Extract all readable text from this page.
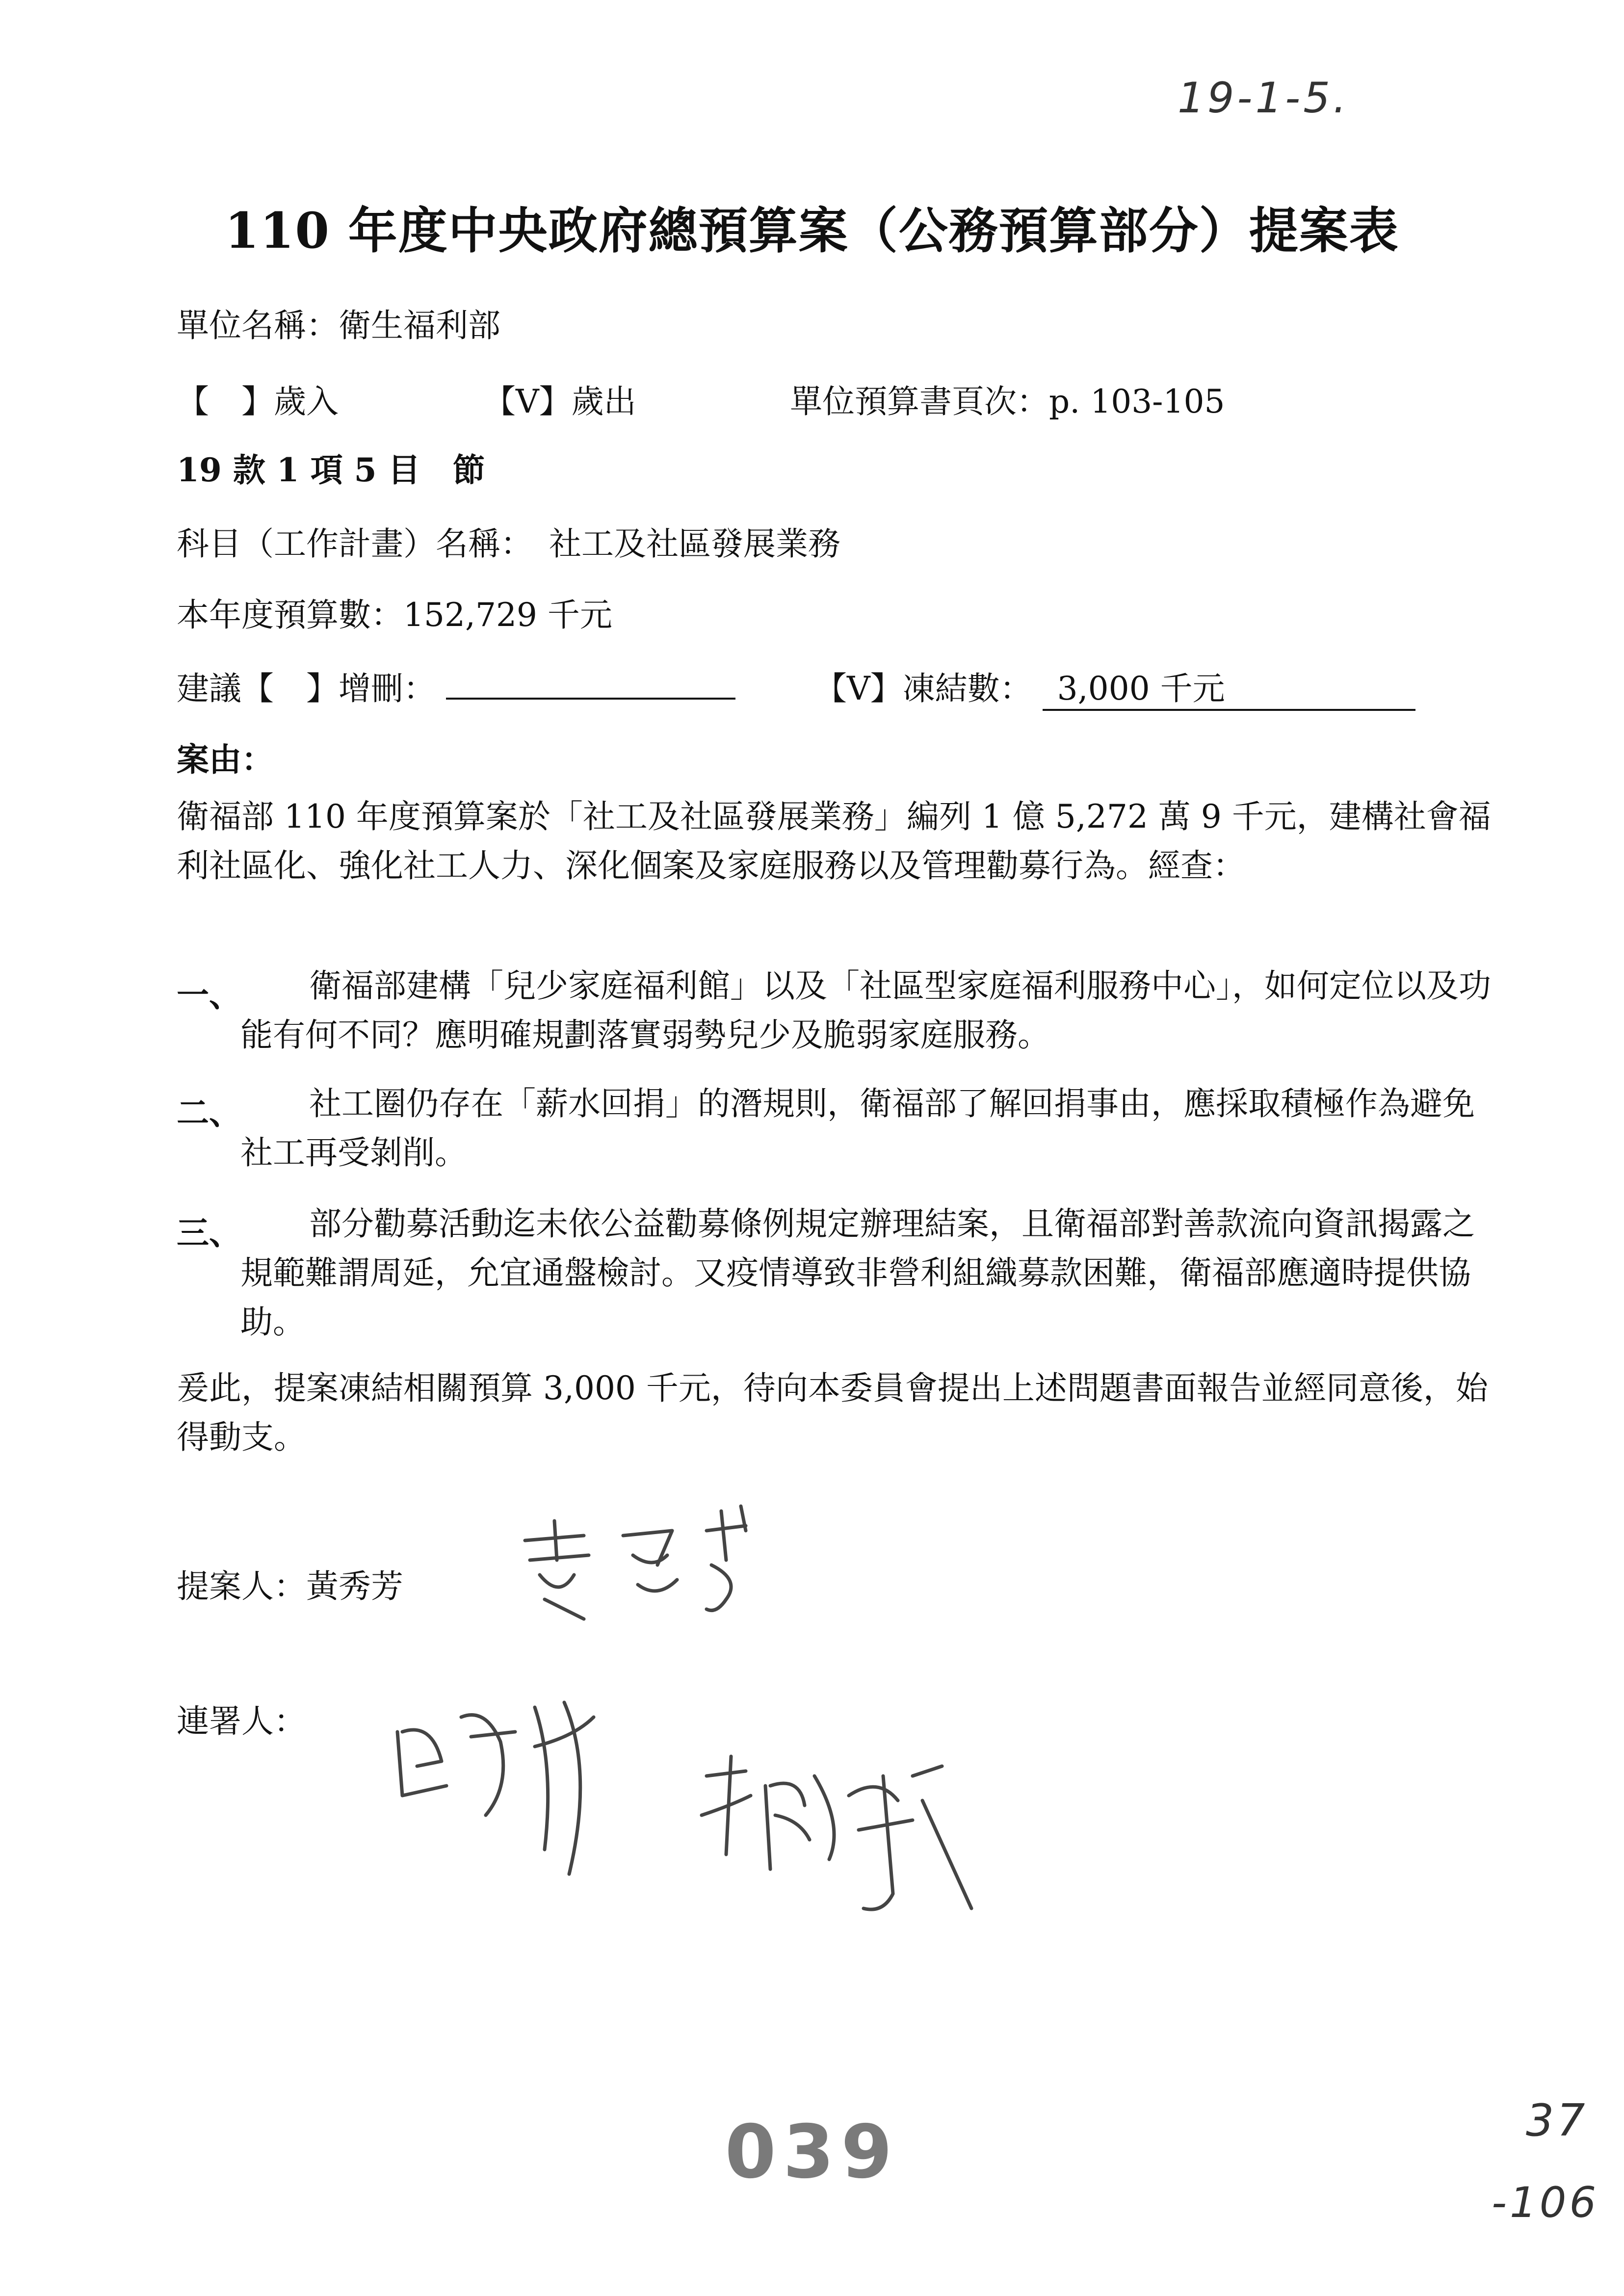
19-1-5.
110 年度中央政府總預算案（公務預算部分）提案表
單位名稱：衛生福利部
【　】歲入	【V】歲出	單位預算書頁次：p. 103-105
19 款 1 項 5 目　節
科目（工作計畫）名稱：　社工及社區發展業務
本年度預算數：152,729 千元
建議【　】增刪：	【V】凍結數： 3,000 千元
案由：
衛福部 110 年度預算案於「社工及社區發展業務」編列 1 億 5,272 萬 9 千元，建構社會福利社區化、強化社工人力、深化個案及家庭服務以及管理勸募行為。經查：
一、	衛福部建構「兒少家庭福利館」以及「社區型家庭福利服務中心」，如何定位以及功能有何不同？應明確規劃落實弱勢兒少及脆弱家庭服務。
二、	社工圈仍存在「薪水回捐」的潛規則，衛福部了解回捐事由，應採取積極作為避免社工再受剝削。
三、	部分勸募活動迄未依公益勸募條例規定辦理結案，且衛福部對善款流向資訊揭露之規範難謂周延，允宜通盤檢討。又疫情導致非營利組織募款困難，衛福部應適時提供協助。
爰此，提案凍結相關預算 3,000 千元，待向本委員會提出上述問題書面報告並經同意後，始得動支。
提案人：黃秀芳
連署人：
039	37
-106
